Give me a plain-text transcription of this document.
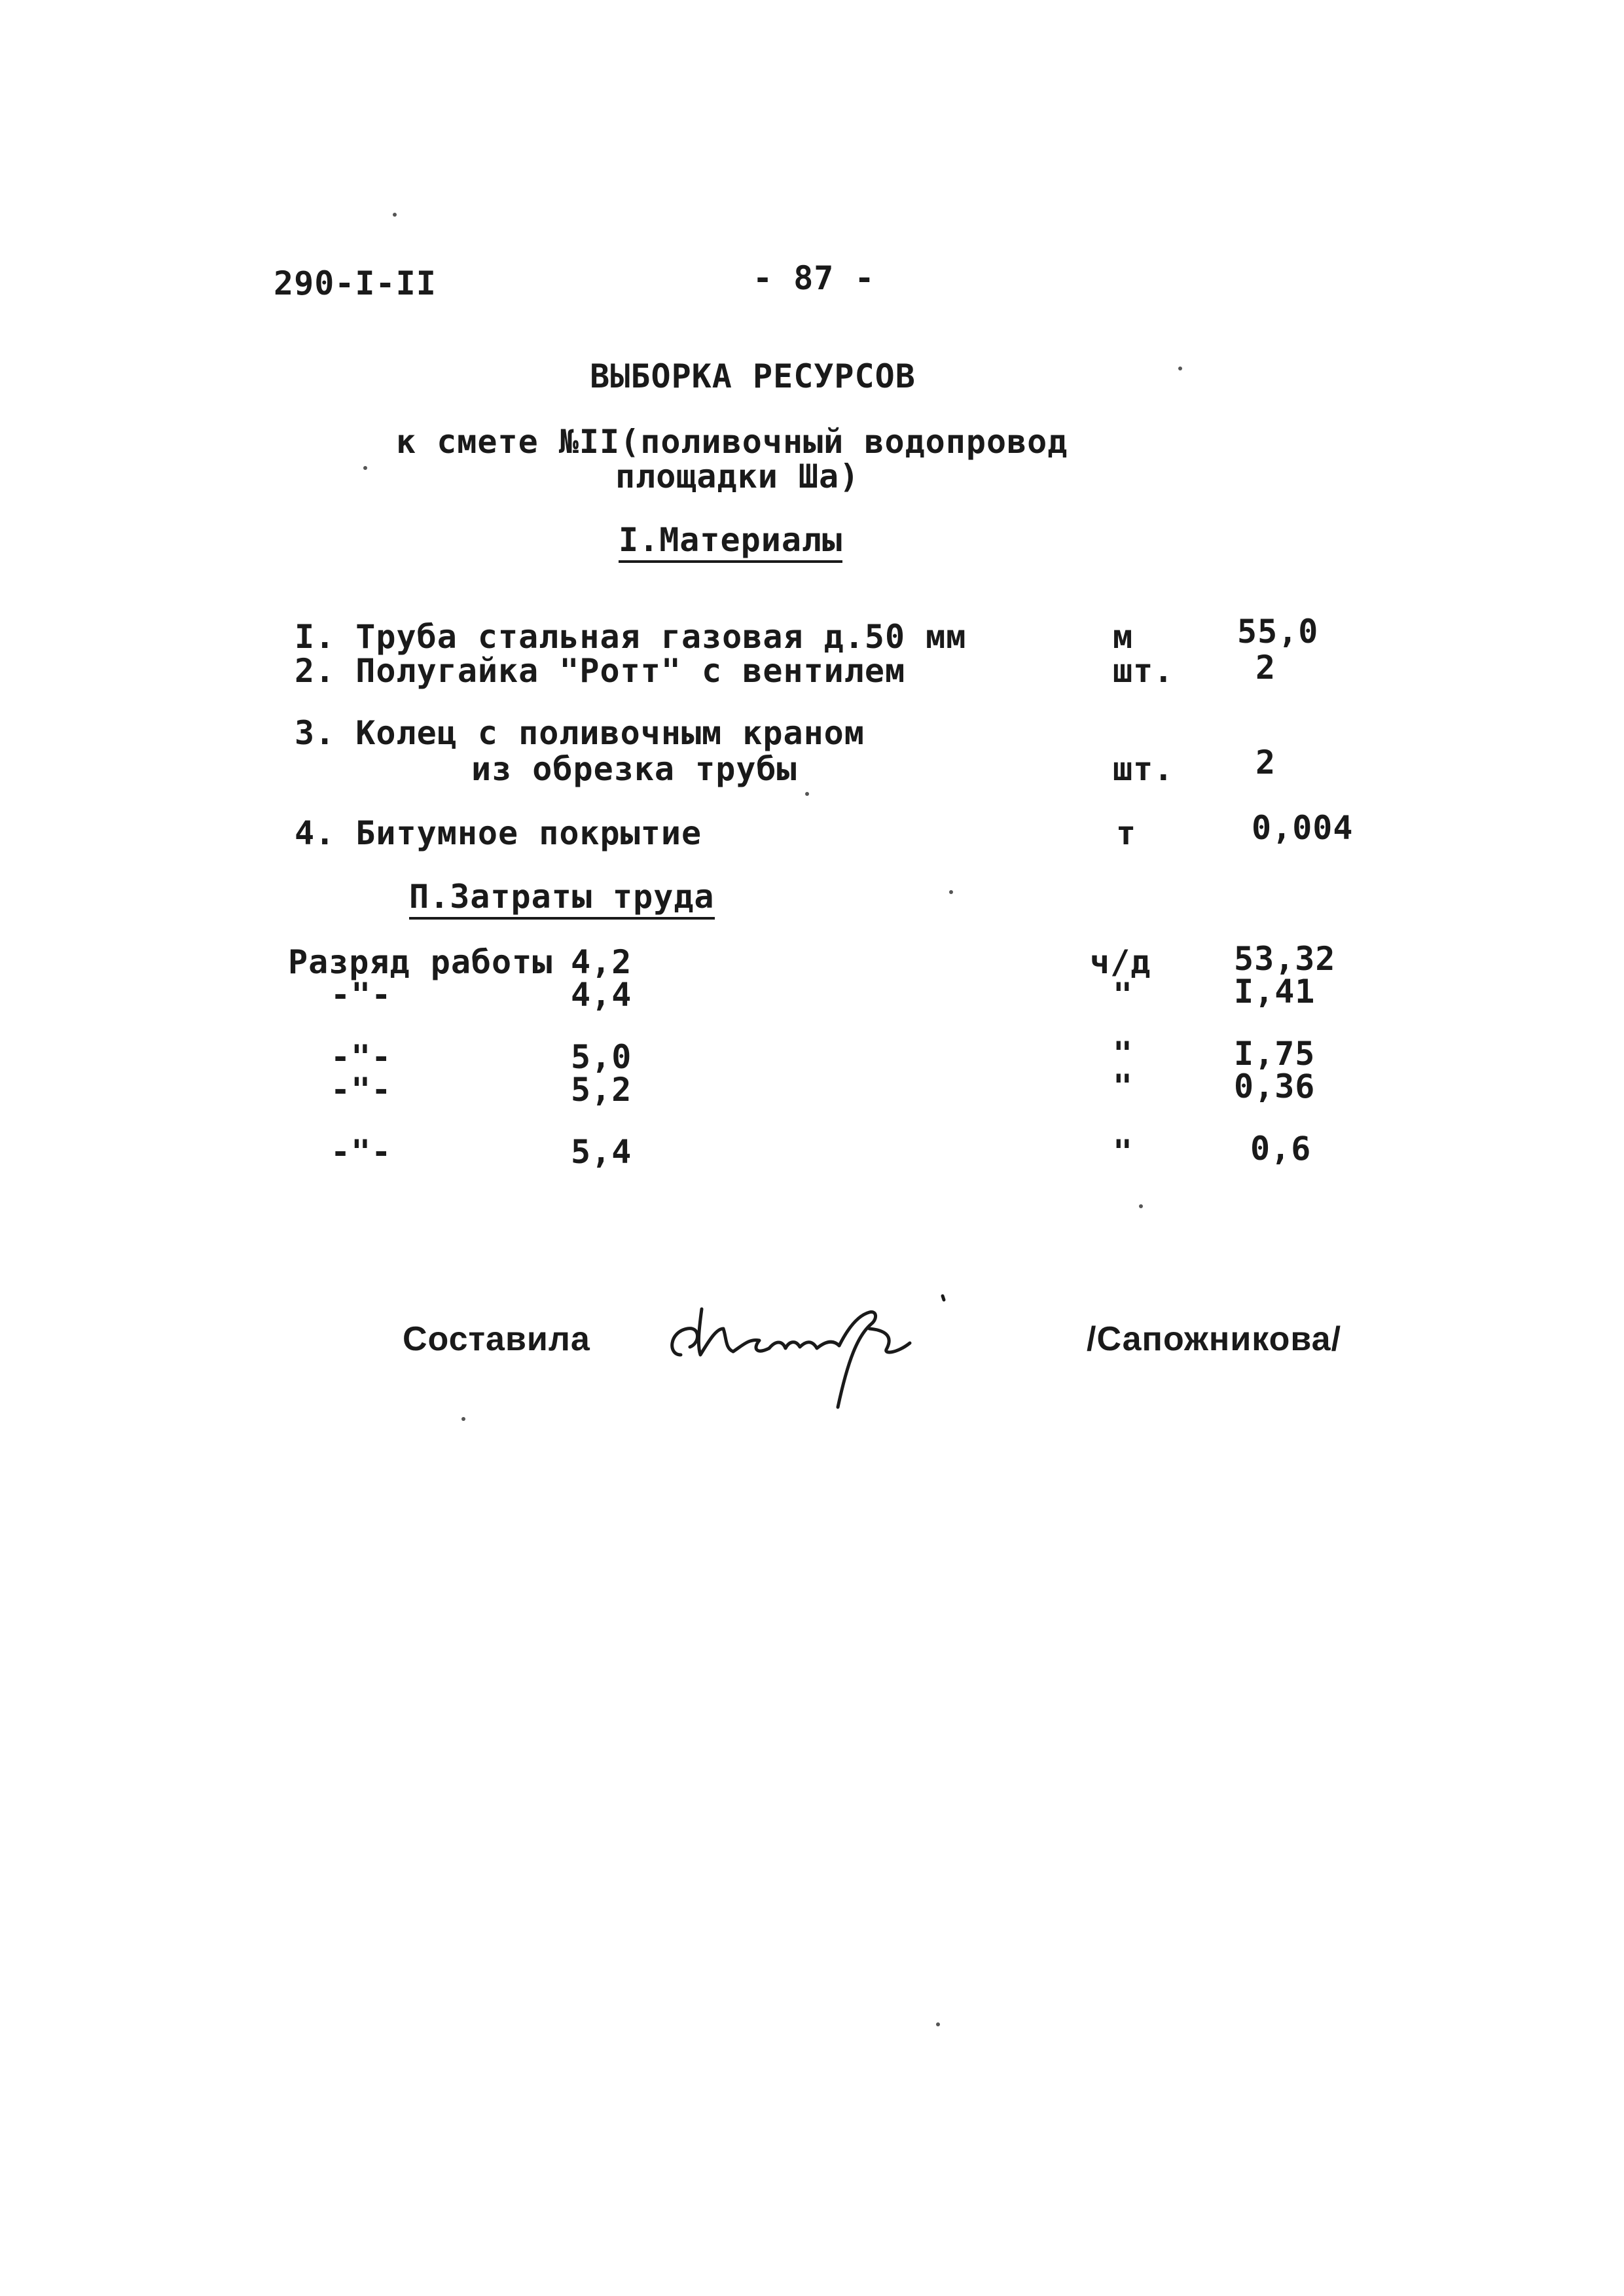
290-I-II	- 87 -
ВЫБОРКА РЕСУРСОВ
к смете №II(поливочный водопровод
площадки Ша)
I.Материалы
I. Труба стальная газовая д.50 мм	м	55,0
2. Полугайка "Ротт" с вентилем	шт. 2
3. Колец с поливочным краном
из обрезка трубы	шт. 2
4. Битумное покрытие	т	0,004
П.Затраты труда
Разряд работы 4,2	ч/д	53,32
-"-	4,4	"	I,41
-"-	5,0	"	I,75
-"-	5,2	"	0,36
-"-	5,4	"	0,6
Составила	/Сапожникова/
